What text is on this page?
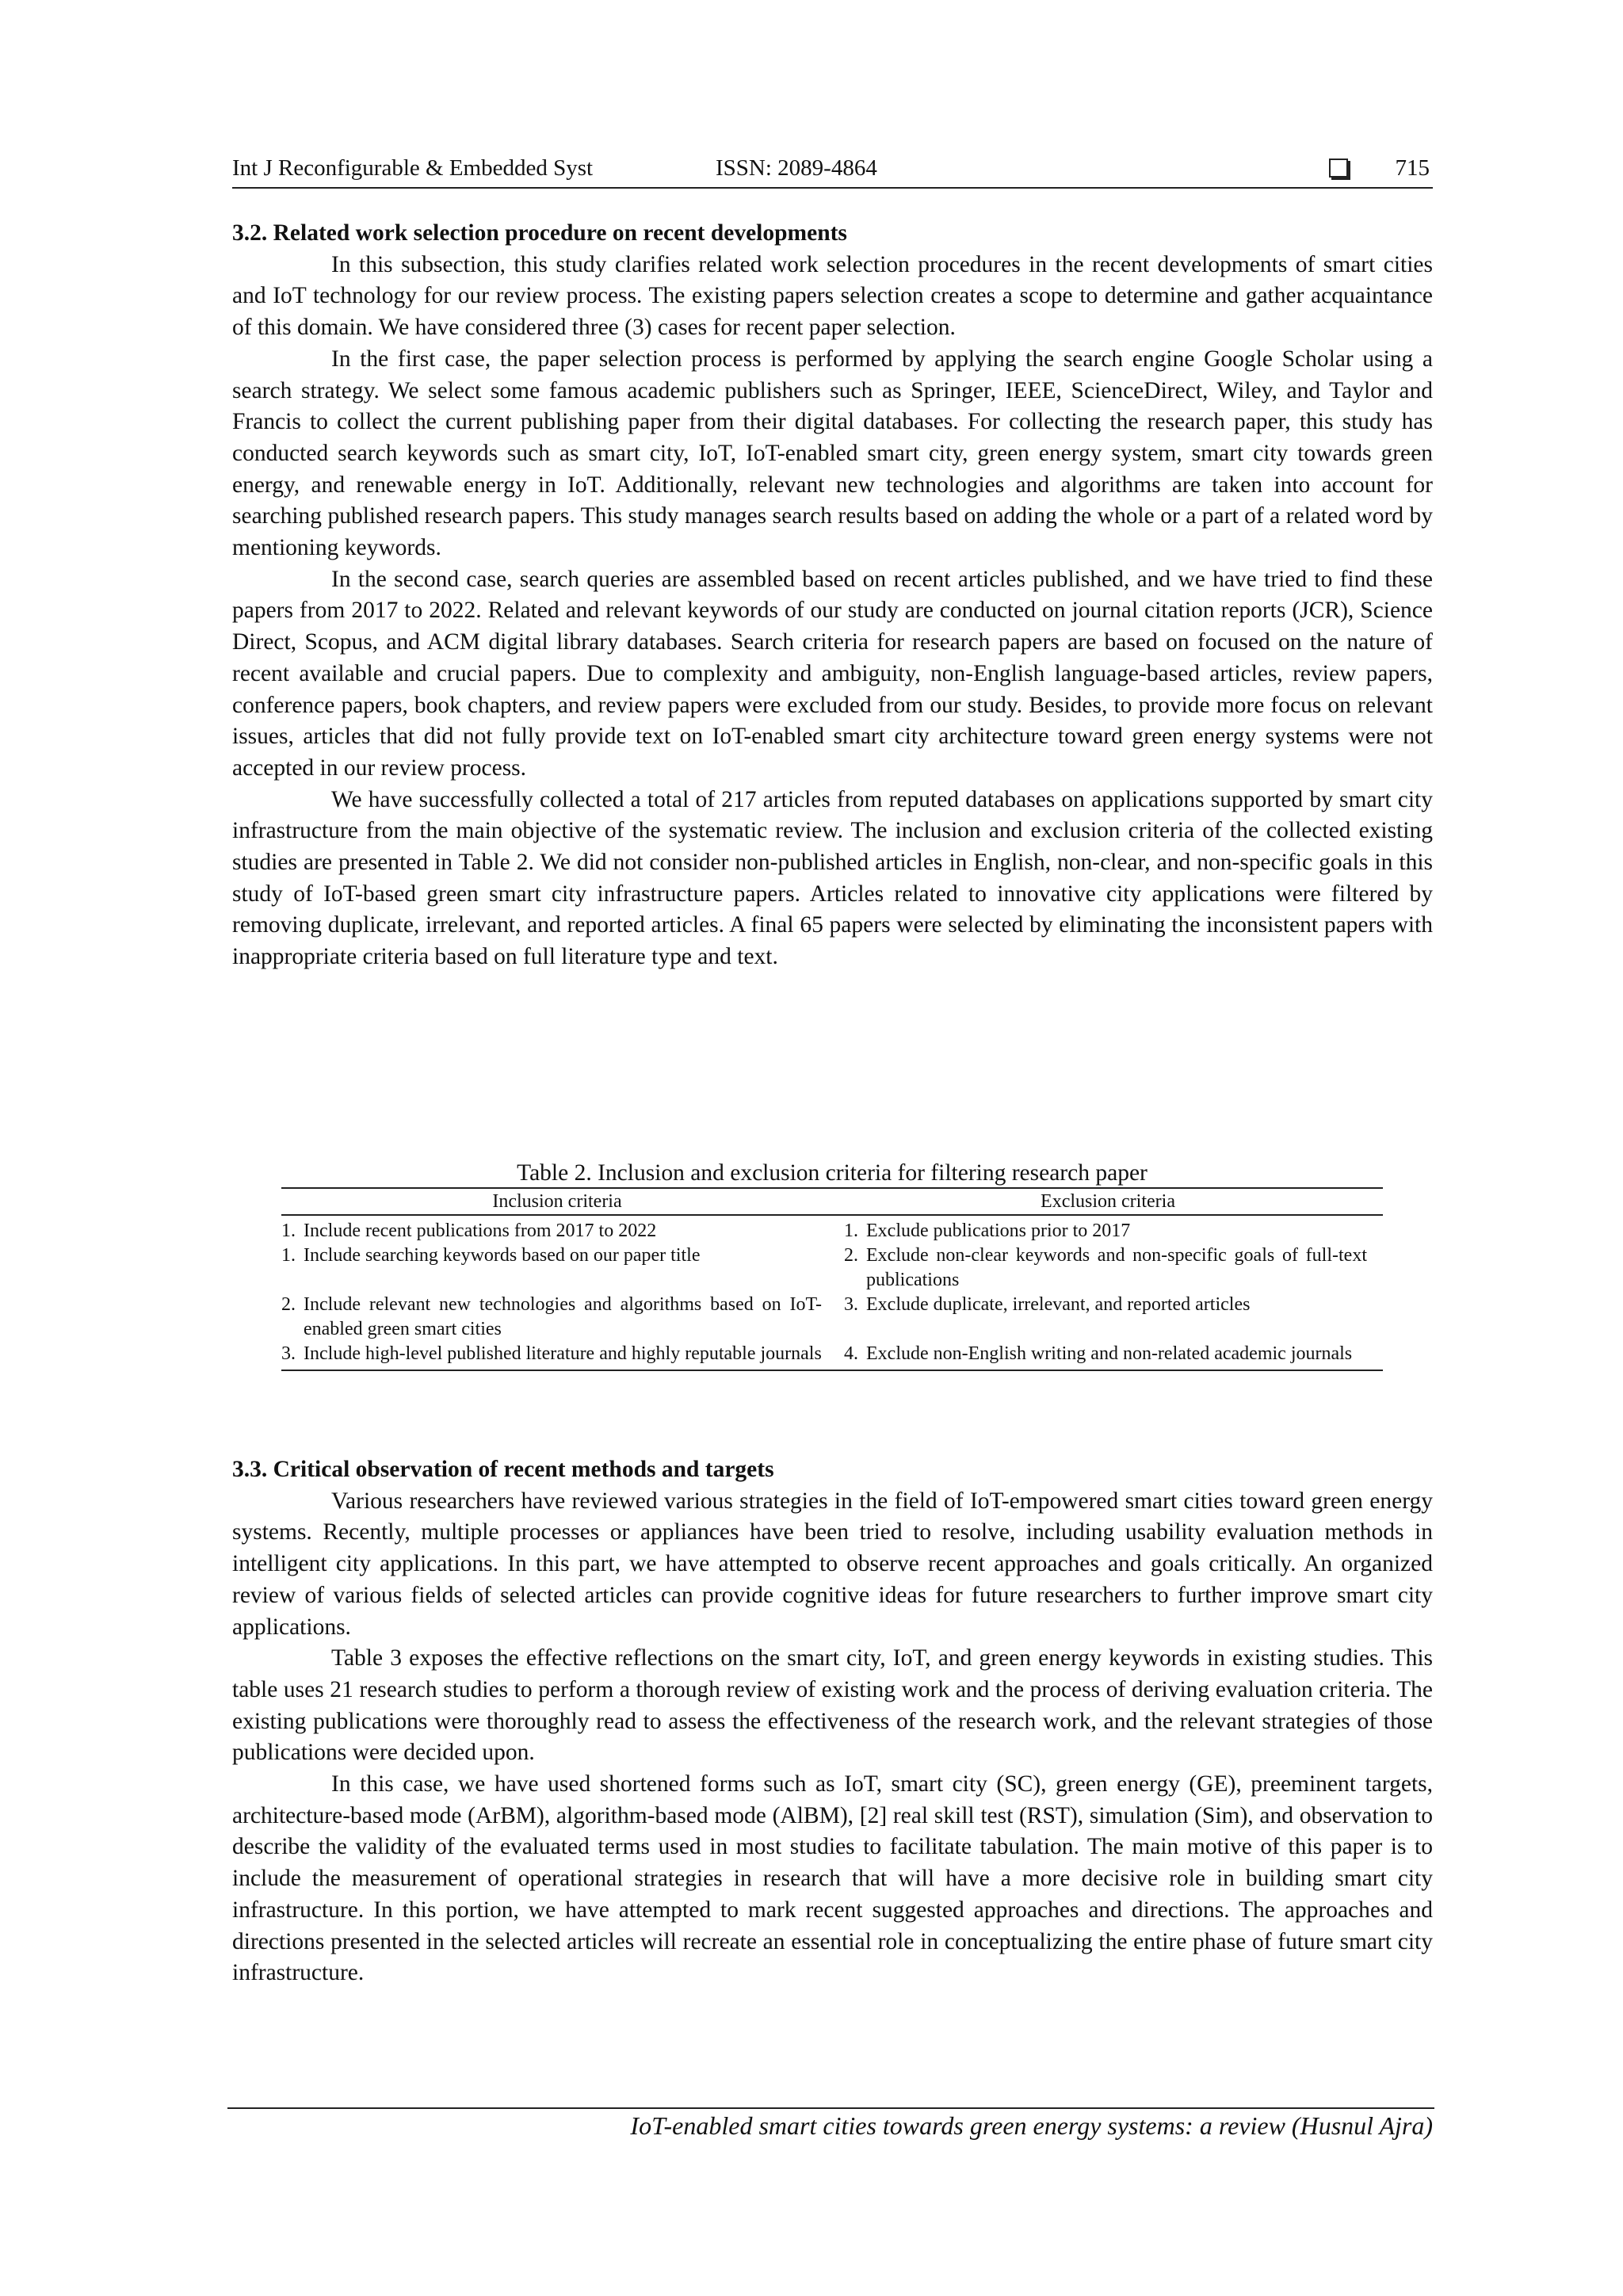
Int J Reconfigurable & Embedded Syst	ISSN: 2089-4864	715
3.2. Related work selection procedure on recent developments

In this subsection, this study clarifies related work selection procedures in the recent developments of smart cities and IoT technology for our review process. The existing papers selection creates a scope to determine and gather acquaintance of this domain. We have considered three (3) cases for recent paper selection.

In the first case, the paper selection process is performed by applying the search engine Google Scholar using a search strategy. We select some famous academic publishers such as Springer, IEEE, ScienceDirect, Wiley, and Taylor and Francis to collect the current publishing paper from their digital databases. For collecting the research paper, this study has conducted search keywords such as smart city, IoT, IoT-enabled smart city, green energy system, smart city towards green energy, and renewable energy in IoT. Additionally, relevant new technologies and algorithms are taken into account for searching published research papers. This study manages search results based on adding the whole or a part of a related word by mentioning keywords.

In the second case, search queries are assembled based on recent articles published, and we have tried to find these papers from 2017 to 2022. Related and relevant keywords of our study are conducted on journal citation reports (JCR), Science Direct, Scopus, and ACM digital library databases. Search criteria for research papers are based on focused on the nature of recent available and crucial papers. Due to complexity and ambiguity, non-English language-based articles, review papers, conference papers, book chapters, and review papers were excluded from our study. Besides, to provide more focus on relevant issues, articles that did not fully provide text on IoT-enabled smart city architecture toward green energy systems were not accepted in our review process.

We have successfully collected a total of 217 articles from reputed databases on applications supported by smart city infrastructure from the main objective of the systematic review. The inclusion and exclusion criteria of the collected existing studies are presented in Table 2. We did not consider non-published articles in English, non-clear, and non-specific goals in this study of IoT-based green smart city infrastructure papers. Articles related to innovative city applications were filtered by removing duplicate, irrelevant, and reported articles. A final 65 papers were selected by eliminating the inconsistent papers with inappropriate criteria based on full literature type and text.

Table 2. Inclusion and exclusion criteria for filtering research paper
Inclusion criteria	Exclusion criteria

1. Include recent publications from 2017 to 2022	1. Exclude publications prior to 2017

1. Include searching keywords based on our paper title	2. Exclude non-clear keywords and non-specific goals of full-text publications

2. Include relevant new technologies and algorithms based on IoT-enabled green smart cities	3. Exclude duplicate, irrelevant, and reported articles

3. Include high-level published literature and highly reputable journals	4. Exclude non-English writing and non-related academic journals
3.3. Critical observation of recent methods and targets

Various researchers have reviewed various strategies in the field of IoT-empowered smart cities toward green energy systems. Recently, multiple processes or appliances have been tried to resolve, including usability evaluation methods in intelligent city applications. In this part, we have attempted to observe recent approaches and goals critically. An organized review of various fields of selected articles can provide cognitive ideas for future researchers to further improve smart city applications.

Table 3 exposes the effective reflections on the smart city, IoT, and green energy keywords in existing studies. This table uses 21 research studies to perform a thorough review of existing work and the process of deriving evaluation criteria. The existing publications were thoroughly read to assess the effectiveness of the research work, and the relevant strategies of those publications were decided upon.

In this case, we have used shortened forms such as IoT, smart city (SC), green energy (GE), preeminent targets, architecture-based mode (ArBM), algorithm-based mode (AlBM), [2] real skill test (RST), simulation (Sim), and observation to describe the validity of the evaluated terms used in most studies to facilitate tabulation. The main motive of this paper is to include the measurement of operational strategies in research that will have a more decisive role in building smart city infrastructure. In this portion, we have attempted to mark recent suggested approaches and directions. The approaches and directions presented in the selected articles will recreate an essential role in conceptualizing the entire phase of future smart city infrastructure.

IoT-enabled smart cities towards green energy systems: a review (Husnul Ajra)
